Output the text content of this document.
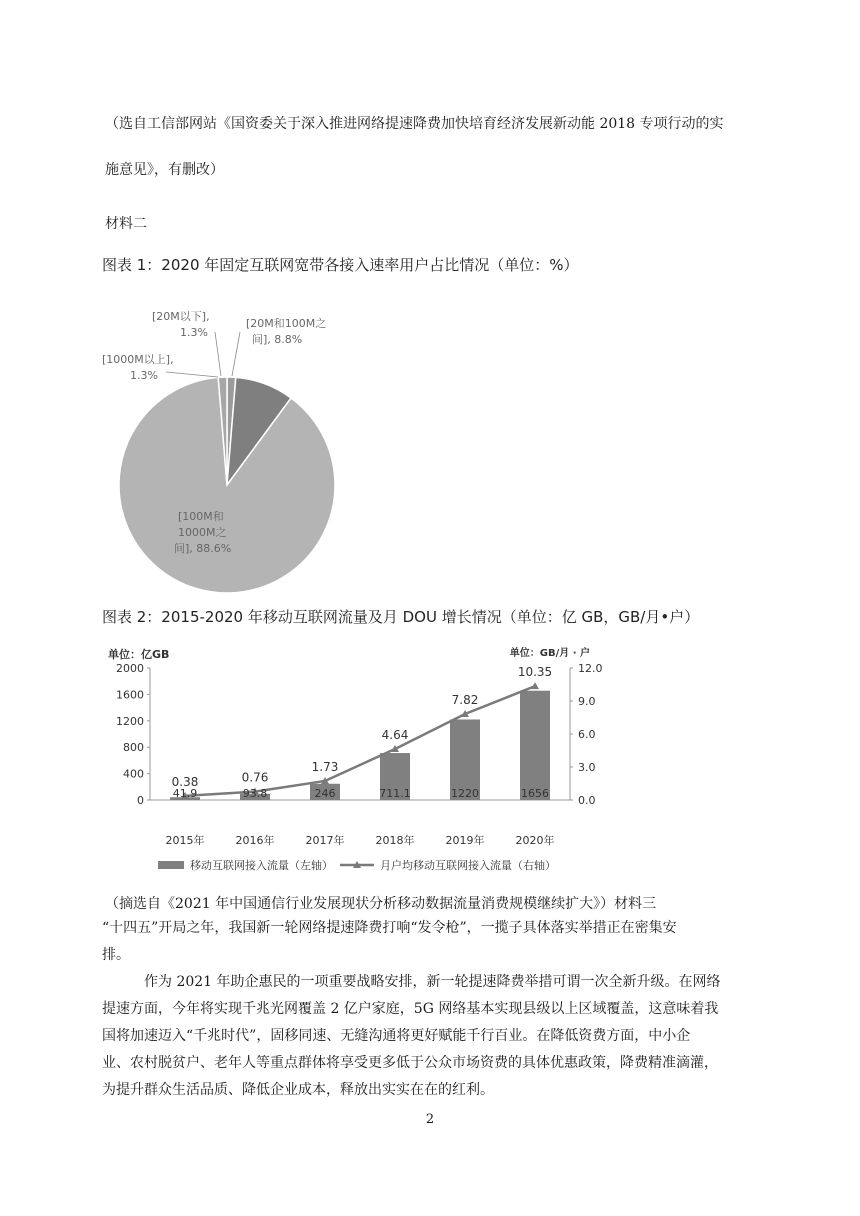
（选自工信部网站《国资委关于深入推进网络提速降费加快培育经济发展新动能 2018 专项行动的实
施意见》，有删改）
材料二
图表 1：2020 年固定互联网宽带各接入速率用户占比情况（单位：%）
[20M以下],
1.3%
[20M和100M之
间], 8.8%
[100M和
1000M之
间], 88.6%
[1000M以上],
1.3%
图表 2：2015-2020 年移动互联网流量及月 DOU 增长情况（单位：亿 GB，GB/月•户）
0
400
800
1200
1600
2000
0.0
3.0
6.0
9.0
12.0
单位：亿GB	单位：GB/月 · 户
41.9	93.8	246	711.1	1220	1656
0.38	0.76
1.73
4.64
7.82
10.35
2015年	2016年	2017年	2018年	2019年	2020年
移动互联网接入流量（左轴）	月户均移动互联网接入流量（右轴）
（摘选自《2021 年中国通信行业发展现状分析移动数据流量消费规模继续扩大》）材料三
“十四五”开局之年，我国新一轮网络提速降费打响“发令枪”，一揽子具体落实举措正在密集安
排。
作为 2021 年助企惠民的一项重要战略安排，新一轮提速降费举措可谓一次全新升级。在网络
提速方面，今年将实现千兆光网覆盖 2 亿户家庭，5G 网络基本实现县级以上区域覆盖，这意味着我
国将加速迈入“千兆时代”，固移同速、无缝沟通将更好赋能千行百业。在降低资费方面，中小企
业、农村脱贫户、老年人等重点群体将享受更多低于公众市场资费的具体优惠政策，降费精准滴灌，
为提升群众生活品质、降低企业成本，释放出实实在在的红利。
2
